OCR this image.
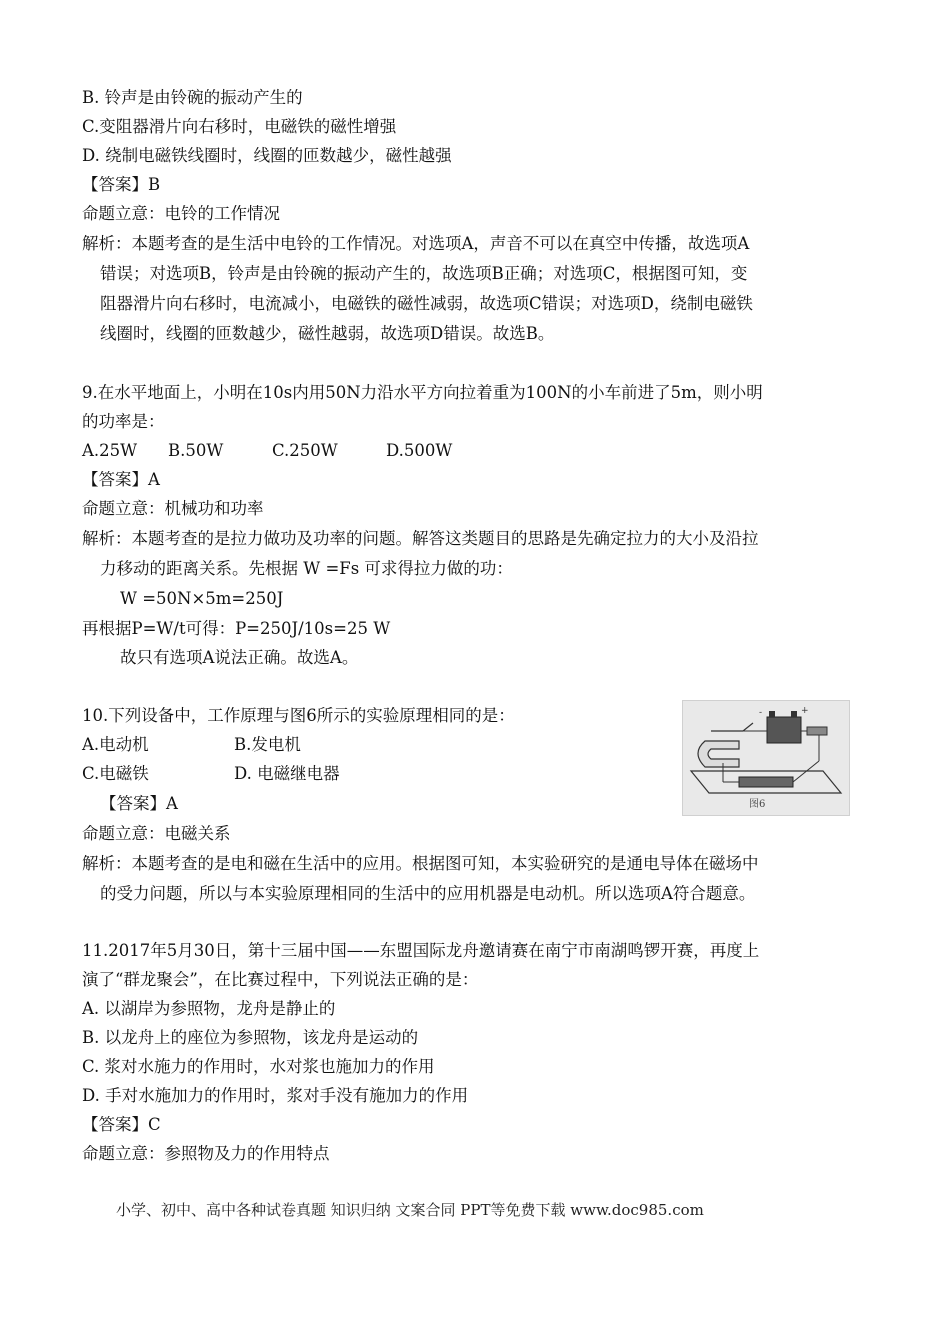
B. 铃声是由铃碗的振动产生的
C.变阻器滑片向右移时，电磁铁的磁性增强
D. 绕制电磁铁线圈时，线圈的匝数越少，磁性越强
【答案】B
命题立意：电铃的工作情况
解析：本题考查的是生活中电铃的工作情况。对选项A，声音不可以在真空中传播，故选项A
错误；对选项B，铃声是由铃碗的振动产生的，故选项B正确；对选项C，根据图可知，变
阻器滑片向右移时，电流减小，电磁铁的磁性减弱，故选项C错误；对选项D，绕制电磁铁
线圈时，线圈的匝数越少，磁性越弱，故选项D错误。故选B。
9.在水平地面上，小明在10s内用50N力沿水平方向拉着重为100N的小车前进了5m，则小明
的功率是：
A.25W B.50W	C.250W	D.500W
【答案】A
命题立意：机械功和功率
解析：本题考查的是拉力做功及功率的问题。解答这类题目的思路是先确定拉力的大小及沿拉
力移动的距离关系。先根据 W =Fs 可求得拉力做的功：
W =50N×5m=250J
再根据P=W/t可得：P=250J/10s=25 W
故只有选项A说法正确。故选A。
10.下列设备中，工作原理与图6所示的实验原理相同的是：
A.电动机	B.发电机
C.电磁铁	D. 电磁继电器
【答案】A
命题立意：电磁关系
解析：本题考查的是电和磁在生活中的应用。根据图可知，本实验研究的是通电导体在磁场中
的受力问题，所以与本实验原理相同的生活中的应用机器是电动机。所以选项A符合题意。
-	+
图6
11.2017年5月30日，第十三届中国——东盟国际龙舟邀请赛在南宁市南湖鸣锣开赛，再度上
演了“群龙聚会”，在比赛过程中，下列说法正确的是：
A. 以湖岸为参照物，龙舟是静止的
B. 以龙舟上的座位为参照物，该龙舟是运动的
C. 浆对水施力的作用时，水对浆也施加力的作用
D. 手对水施加力的作用时，浆对手没有施加力的作用
【答案】C
命题立意：参照物及力的作用特点
小学、初中、高中各种试卷真题 知识归纳 文案合同 PPT等免费下载 www.doc985.com
